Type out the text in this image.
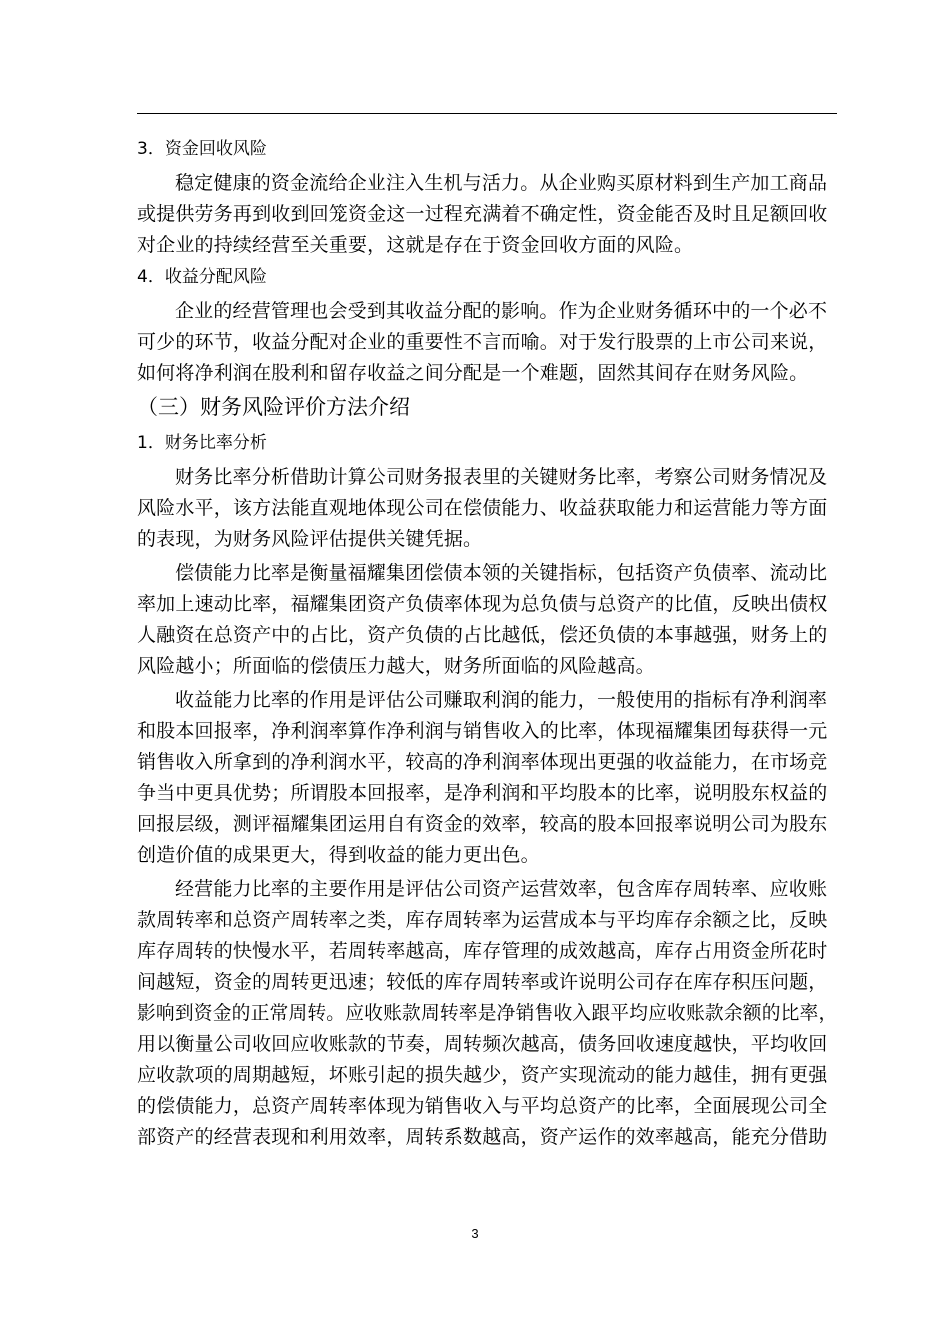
3．资金回收风险

稳定健康的资金流给企业注入生机与活力。从企业购买原材料到生产加工商品

或提供劳务再到收到回笼资金这一过程充满着不确定性，资金能否及时且足额回收

对企业的持续经营至关重要，这就是存在于资金回收方面的风险。

4．收益分配风险

企业的经营管理也会受到其收益分配的影响。作为企业财务循环中的一个必不

可少的环节，收益分配对企业的重要性不言而喻。对于发行股票的上市公司来说，

如何将净利润在股利和留存收益之间分配是一个难题，固然其间存在财务风险。

（三）财务风险评价方法介绍
1．财务比率分析

财务比率分析借助计算公司财务报表里的关键财务比率，考察公司财务情况及

风险水平，该方法能直观地体现公司在偿债能力、收益获取能力和运营能力等方面

的表现，为财务风险评估提供关键凭据。

偿债能力比率是衡量福耀集团偿债本领的关键指标，包括资产负债率、流动比

率加上速动比率，福耀集团资产负债率体现为总负债与总资产的比值，反映出债权

人融资在总资产中的占比，资产负债的占比越低，偿还负债的本事越强，财务上的

风险越小；所面临的偿债压力越大，财务所面临的风险越高。

收益能力比率的作用是评估公司赚取利润的能力，一般使用的指标有净利润率

和股本回报率，净利润率算作净利润与销售收入的比率，体现福耀集团每获得一元

销售收入所拿到的净利润水平，较高的净利润率体现出更强的收益能力，在市场竞

争当中更具优势；所谓股本回报率，是净利润和平均股本的比率，说明股东权益的

回报层级，测评福耀集团运用自有资金的效率，较高的股本回报率说明公司为股东

创造价值的成果更大，得到收益的能力更出色。

经营能力比率的主要作用是评估公司资产运营效率，包含库存周转率、应收账

款周转率和总资产周转率之类，库存周转率为运营成本与平均库存余额之比，反映

库存周转的快慢水平，若周转率越高，库存管理的成效越高，库存占用资金所花时

间越短，资金的周转更迅速；较低的库存周转率或许说明公司存在库存积压问题，

影响到资金的正常周转。应收账款周转率是净销售收入跟平均应收账款余额的比率，

用以衡量公司收回应收账款的节奏，周转频次越高，债务回收速度越快，平均收回

应收款项的周期越短，坏账引起的损失越少，资产实现流动的能力越佳，拥有更强

的偿债能力，总资产周转率体现为销售收入与平均总资产的比率，全面展现公司全

部资产的经营表现和利用效率，周转系数越高，资产运作的效率越高，能充分借助

3
